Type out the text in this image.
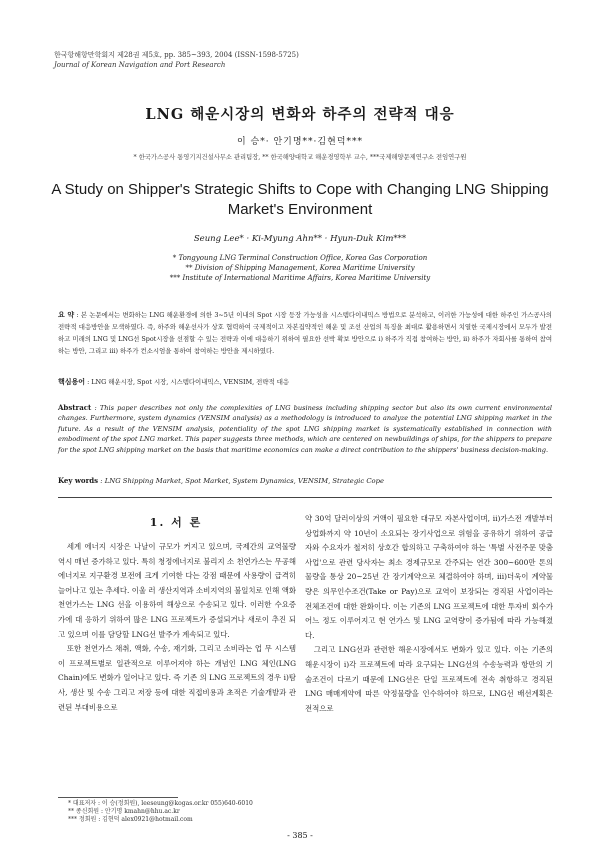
한국항해항만학회지 제28권 제5호, pp. 385~393, 2004 (ISSN-1598-5725)
Journal of Korean Navigation and Port Research
LNG 해운시장의 변화와 하주의 전략적 대응
이 승*· 안기명**·김현덕***
* 한국가스공사 통영기지건설사무소 관리팀장, ** 한국해양대학교 해운경영학부 교수, ***국제해양문제연구소 전임연구원
A Study on Shipper's Strategic Shifts to Cope with Changing LNG Shipping Market's Environment
Seung Lee* · Ki-Myung Ahn** · Hyun-Duk Kim***
* Tongyoung LNG Terminal Construction Office, Korea Gas Corporation
** Division of Shipping Management, Korea Maritime University
*** Institute of International Maritime Affairs, Korea Maritime University
요 약 : 본 논문에서는 변화하는 LNG 해운환경에 의한 3~5년 이내의 Spot 시장 등장 가능성을 시스템다이내믹스 방법으로 분석하고, 이러한 가능성에 대한 하주인 가스공사의 전략적 대응방안을 모색하였다. 즉, 하주와 해운선사가 상호 협력하여 국제적이고 자본집약적인 해운 및 조선 산업의 특징을 최대로 활용하면서 치열한 국제시장에서 모두가 발전하고 미래의 LNG 및 LNG선 Spot시장을 선점할 수 있는 전략과 이에 대응하기 위하여 필요한 선박 확보 방안으로 i) 하주가 직접 참여하는 방안, ii) 하주가 자회사를 통하여 참여하는 방안, 그리고 iii) 하주가 컨소시엄을 통하여 참여하는 방안을 제시하였다.
핵심용어 : LNG 해운시장, Spot 시장, 시스템다이내믹스, VENSIM, 전략적 대응
Abstract : This paper describes not only the complexities of LNG business including shipping sector but also its own current environmental changes. Furthermore, system dynamics (VENSIM analysis) as a methodology is introduced to analyze the potential LNG shipping market in the future. As a result of the VENSIM analysis, potentiality of the spot LNG shipping market is systematically established in connection with embodiment of the spot LNG market. This paper suggests three methods, which are centered on newbuildings of ships, for the shippers to prepare for the spot LNG shipping market on the basis that maritime economics can make a direct contribution to the shippers' business decision-making.
Key words : LNG Shipping Market, Spot Market, System Dynamics, VENSIM, Strategic Cope
1. 서 론

세계 에너지 시장은 나날이 규모가 커지고 있으며, 국제간의 교역물량 역시 매년 증가하고 있다. 특히 청정에너지로 불리지 소 천연가스는 무공해 에너지로 지구환경 보전에 크게 기여한 다는 강점 때문에 사용량이 급격히 늘어나고 있는 추세다. 이울 러 생산지역과 소비지역의 불일치로 인해 액화천연가스는 LNG 선을 이용하여 해상으로 수송되고 있다. 이러한 수요증가에 대 응하기 위하여 많은 LNG 프로젝트가 증설되거나 새로이 추진 되고 있으며 이를 담당할 LNG선 발주가 계속되고 있다.

또한 천연가스 채취, 액화, 수송, 재기화, 그리고 소비라는 업 무 시스템이 프로젝트별로 일관적으로 이루어져야 하는 개념인 LNG 체인(LNG Chain)에도 변화가 일어나고 있다. 즉 기존 의 LNG 프로젝트의 경우 i)탐사, 생산 및 수송 그리고 저장 등에 대한 직접비용과 초적은 기술개발과 관련된 부대비용으로

약 30억 달러이상의 거액이 필요한 대규모 자본사업이며, ii)가스전 개발부터 상업화까지 약 10년이 소요되는 장기사업으로 위험을 공유하기 위하여 공급자와 수요자가 철저히 상호간 합의하고 구축하여야 하는 '특별 사전주문 맞춤사업'으로 관련 당사자는 최소 경제규모로 간주되는 연간 300~600만 톤의 물량을 통상 20~25년 간 장기계약으로 체결하여야 하며, iii)더욱이 계약물량은 의무인수조건(Take or Pay)으로 교역이 보장되는 경직된 사업이라는 전체조건에 대한 완화이다. 이는 기존의 LNG 프로젝트에 대한 투자비 회수가 어느 정도 이루어지고 현 연가스 및 LNG 교역량이 증가됨에 따라 가능해졌다.

그리고 LNG선과 관련한 해운시장에서도 변화가 있고 있다. 이는 기존의 해운시장이 i)각 프로젝트에 따라 요구되는 LNG선의 수송능력과 항만의 기술조건이 다르기 때문에 LNG선은 단일 프로젝트에 전속 취항하고 경직된 LNG 매매계약에 따른 약정물량을 인수하여야 하므로, LNG선 배선계획은 전적으로

* 대표저자 : 이 승(정회원), leeseung@kogas.or.kr 055)640-6010
** 종신회원 : 안기명 kmahn@hhu.ac.kr
*** 정회원 : 김현덕 alex0921@hotmail.com
- 385 -
